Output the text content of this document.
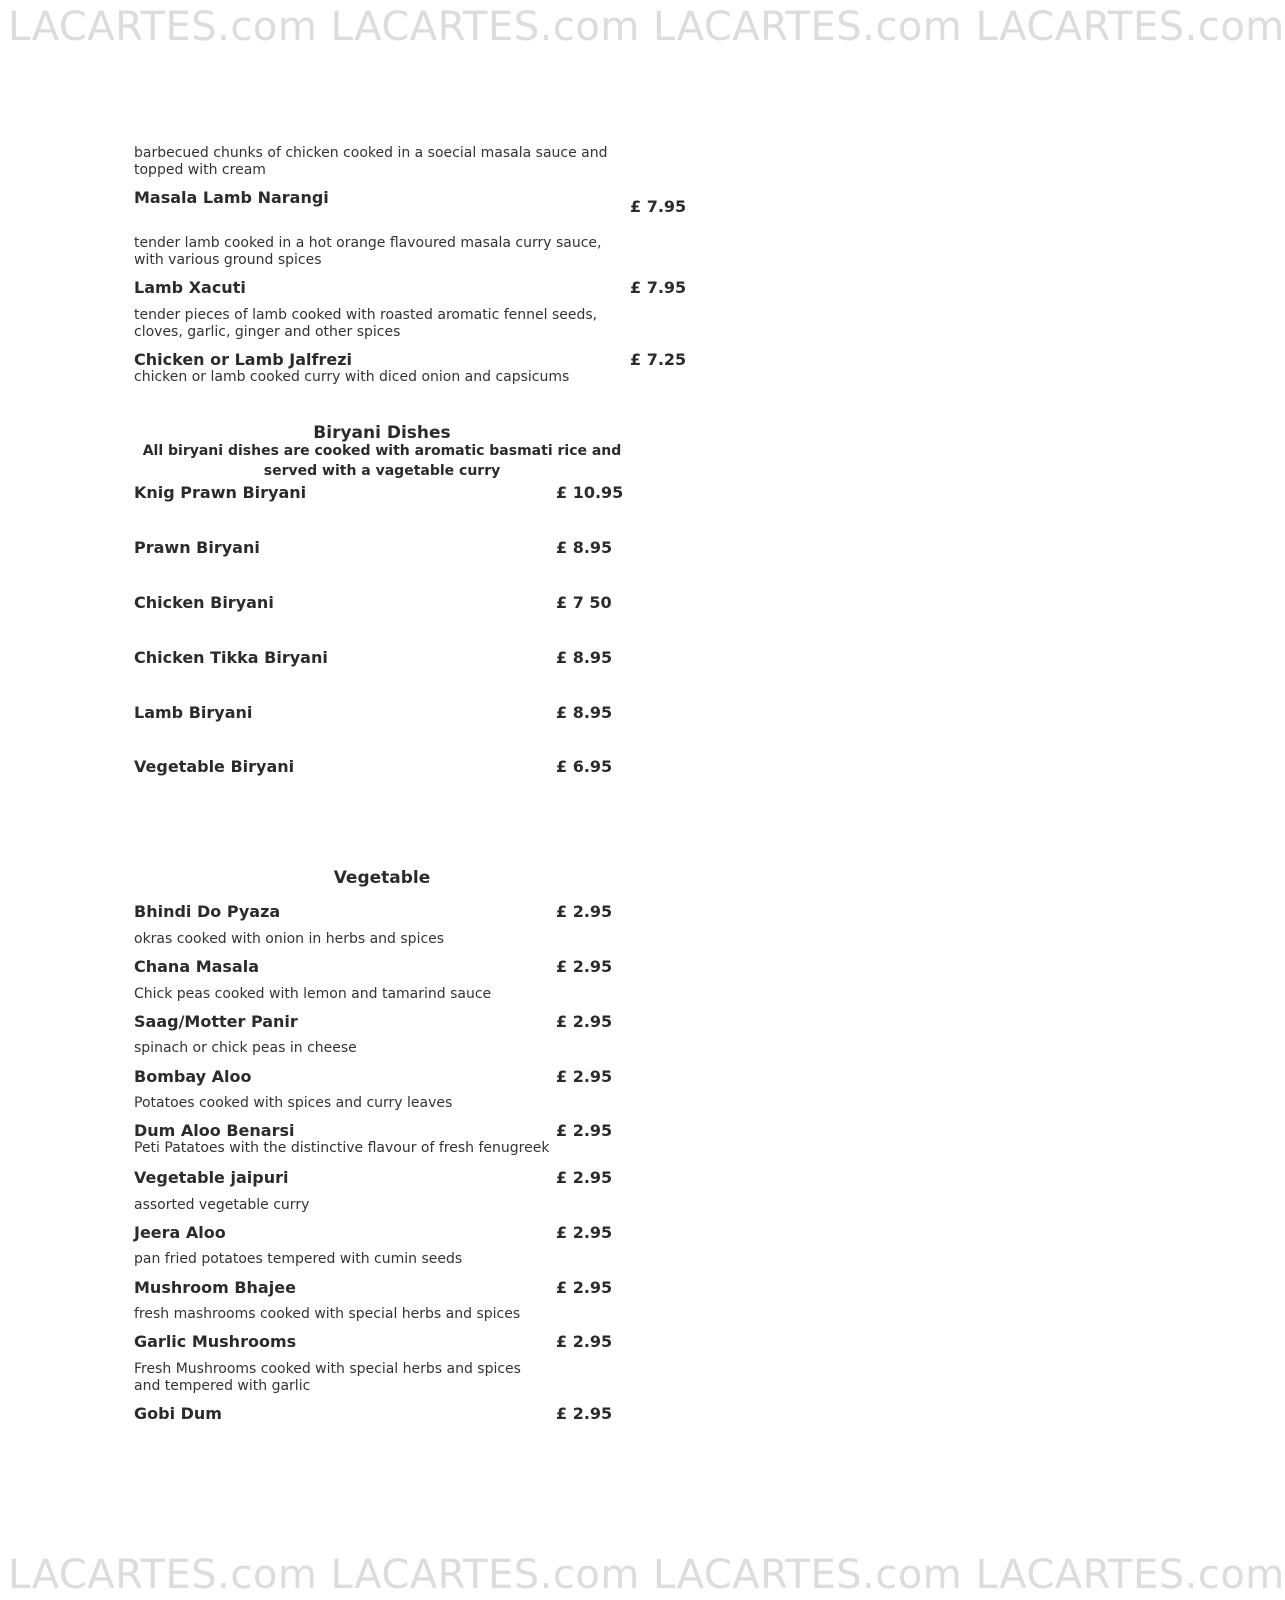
LACARTES.com LACARTES.com LACARTES.com LACARTES.com
LACARTES.com LACARTES.com LACARTES.com LACARTES.com
barbecued chunks of chicken cooked in a soecial masala sauce and topped with cream
Masala Lamb Narangi	£ 7.95
tender lamb cooked in a hot orange flavoured masala curry sauce, with various ground spices
Lamb Xacuti	£ 7.95
tender pieces of lamb cooked with roasted aromatic fennel seeds, cloves, garlic, ginger and other spices
Chicken or Lamb Jalfrezi	£ 7.25
chicken or lamb cooked curry with diced onion and capsicums
Biryani Dishes
All biryani dishes are cooked with aromatic basmati rice and served with a vagetable curry
Knig Prawn Biryani	£ 10.95
Prawn Biryani	£ 8.95
Chicken Biryani	£ 7 50
Chicken Tikka Biryani	£ 8.95
Lamb Biryani	£ 8.95
Vegetable Biryani	£ 6.95
Vegetable
Bhindi Do Pyaza	£ 2.95
okras cooked with onion in herbs and spices
Chana Masala	£ 2.95
Chick peas cooked with lemon and tamarind sauce
Saag/Motter Panir	£ 2.95
spinach or chick peas in cheese
Bombay Aloo	£ 2.95
Potatoes cooked with spices and curry leaves
Dum Aloo Benarsi	£ 2.95
Peti Patatoes with the distinctive flavour of fresh fenugreek
Vegetable jaipuri	£ 2.95
assorted vegetable curry
Jeera Aloo	£ 2.95
pan fried potatoes tempered with cumin seeds
Mushroom Bhajee	£ 2.95
fresh mashrooms cooked with special herbs and spices
Garlic Mushrooms	£ 2.95
Fresh Mushrooms cooked with special herbs and spices and tempered with garlic
Gobi Dum	£ 2.95
